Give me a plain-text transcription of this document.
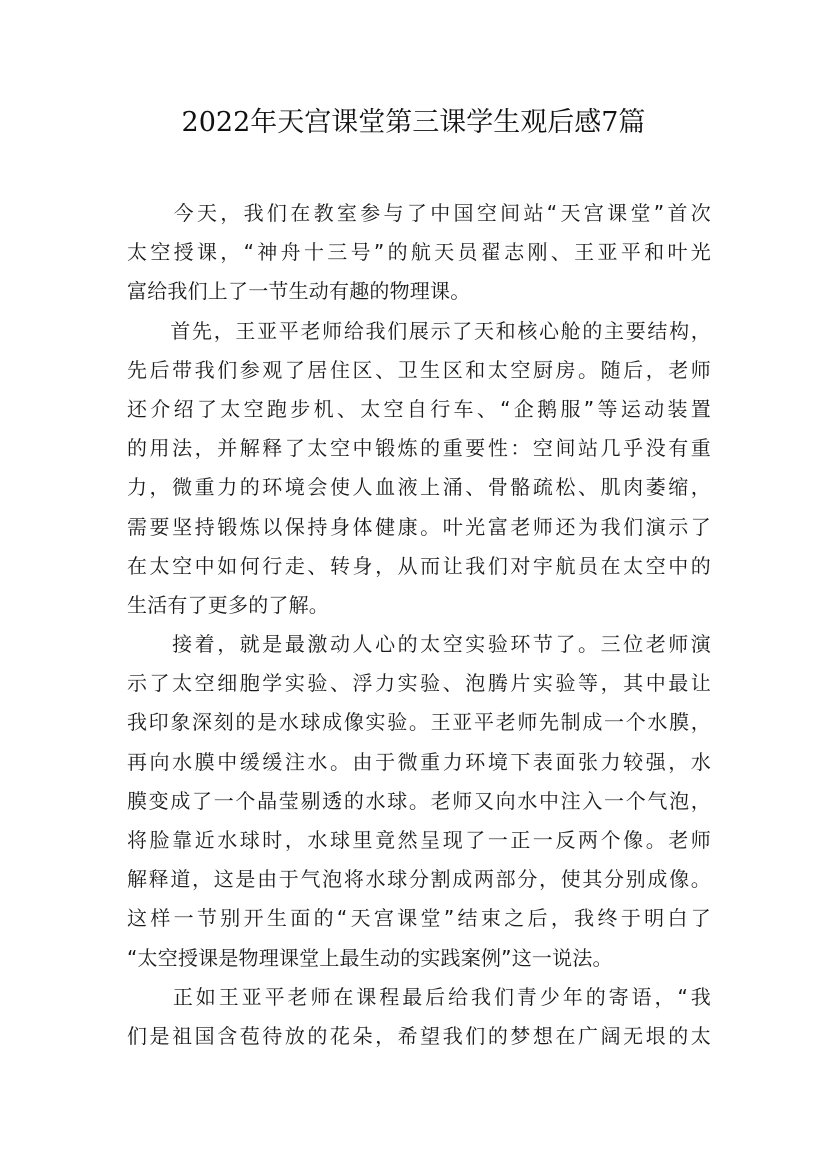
2022年天宫课堂第三课学生观后感7篇
　　今天，我们在教室参与了中国空间站“天宫课堂”首次
太空授课，“神舟十三号”的航天员翟志刚、王亚平和叶光
富给我们上了一节生动有趣的物理课。
　　首先，王亚平老师给我们展示了天和核心舱的主要结构，
先后带我们参观了居住区、卫生区和太空厨房。随后，老师
还介绍了太空跑步机、太空自行车、“企鹅服”等运动装置
的用法，并解释了太空中锻炼的重要性：空间站几乎没有重
力，微重力的环境会使人血液上涌、骨骼疏松、肌肉萎缩，
需要坚持锻炼以保持身体健康。叶光富老师还为我们演示了
在太空中如何行走、转身，从而让我们对宇航员在太空中的
生活有了更多的了解。
　　接着，就是最激动人心的太空实验环节了。三位老师演
示了太空细胞学实验、浮力实验、泡腾片实验等，其中最让
我印象深刻的是水球成像实验。王亚平老师先制成一个水膜，
再向水膜中缓缓注水。由于微重力环境下表面张力较强，水
膜变成了一个晶莹剔透的水球。老师又向水中注入一个气泡，
将脸靠近水球时，水球里竟然呈现了一正一反两个像。老师
解释道，这是由于气泡将水球分割成两部分，使其分别成像。
这样一节别开生面的“天宫课堂”结束之后，我终于明白了
“太空授课是物理课堂上最生动的实践案例”这一说法。
　　正如王亚平老师在课程最后给我们青少年的寄语，“我
们是祖国含苞待放的花朵，希望我们的梦想在广阔无垠的太
